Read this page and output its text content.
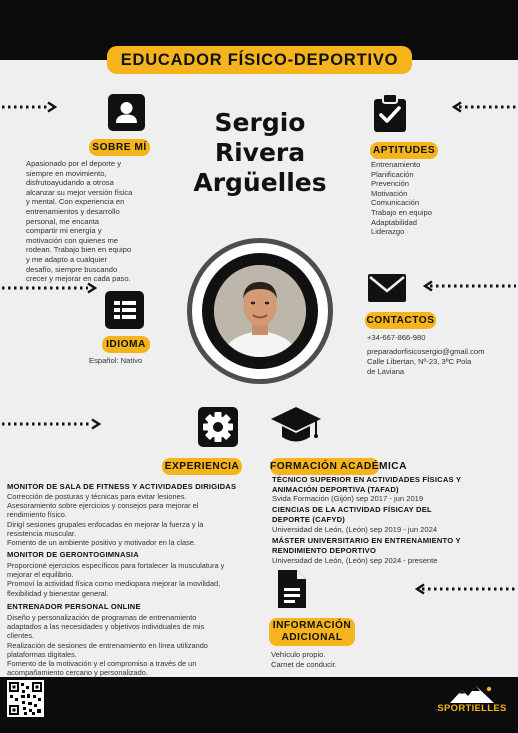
EDUCADOR FÍSICO-DEPORTIVO
SOBRE MÍ
Apasionado por el deporte y
siempre en movimiento,
disfrutoayudando a otrosa
alcanzar su mejor versión física
y mental. Con experiencia en
entrenamientos y desarrollo
personal, me encanta
compartir mi energía y
motivación con quienes me
rodean. Trabajo bien en equipo
y me adapto a cualquier
desafío, siempre buscando
crecer y mejorar en cada paso.
Sergio
Rivera
Argüelles
APTITUDES
Entrenamiento
Planificación
Prevención
Motivación
Comunicación
Trabajo en equipo
Adaptabilidad
Liderazgo
IDIOMA
Español: Nativo
CONTACTOS
+34-667-866-980
preparadorfisicosergio@gmail.com
Calle Libertan, Nº-23, 3ºC Pola
de Laviana
EXPERIENCIA	FORMACIÓN ACADÉMICA
MONITOR DE SALA DE FITNESS Y ACTIVIDADES DIRIGIDAS
Corrección de posturas y técnicas para evitar lesiones.
Asesoramiento sobre ejercicios y consejos para mejorar el
rendimiento físico.
Dirigí sesiones grupales enfocadas en mejorar la fuerza y la
resistencia muscular.
Fomento de un ambiente positivo y motivador en la clase.
MONITOR DE GERONTOGIMNASIA
Proporcioné ejercicios específicos para fortalecer la musculatura y
mejorar el equilibrio.
Promoví la actividad física como mediopara mejorar la movilidad,
flexibilidad y bienestar general.
ENTRENADOR PERSONAL ONLINE
Diseño y personalización de programas de entrenamiento
adaptados a las necesidades y objetivos individuales de mis
clientes.
Realización de sesiones de entrenamiento en línea utilizando
plataformas digitales.
Fomento de la motivación y el compromiso a través de un
acompañamiento cercano y personalizado.
TÉCNICO SUPERIOR EN ACTIVIDADES FÍSICAS Y
ANIMACIÓN DEPORTIVA (TAFAD)
Svida Formación (Gijón) sep 2017 - jun 2019
CIENCIAS DE LA ACTIVIDAD FÍSICAY DEL
DEPORTE (CAFYD)
Universidad de León, (León) sep 2019 - jun 2024
MÁSTER UNIVERSITARIO EN ENTRENAMIENTO Y
RENDIMIENTO DEPORTIVO
Universidad de León, (León) sep 2024 - presente
INFORMACIÓN
ADICIONAL
Vehículo propio.
Carnet de conducir.
SPORTIELLES
